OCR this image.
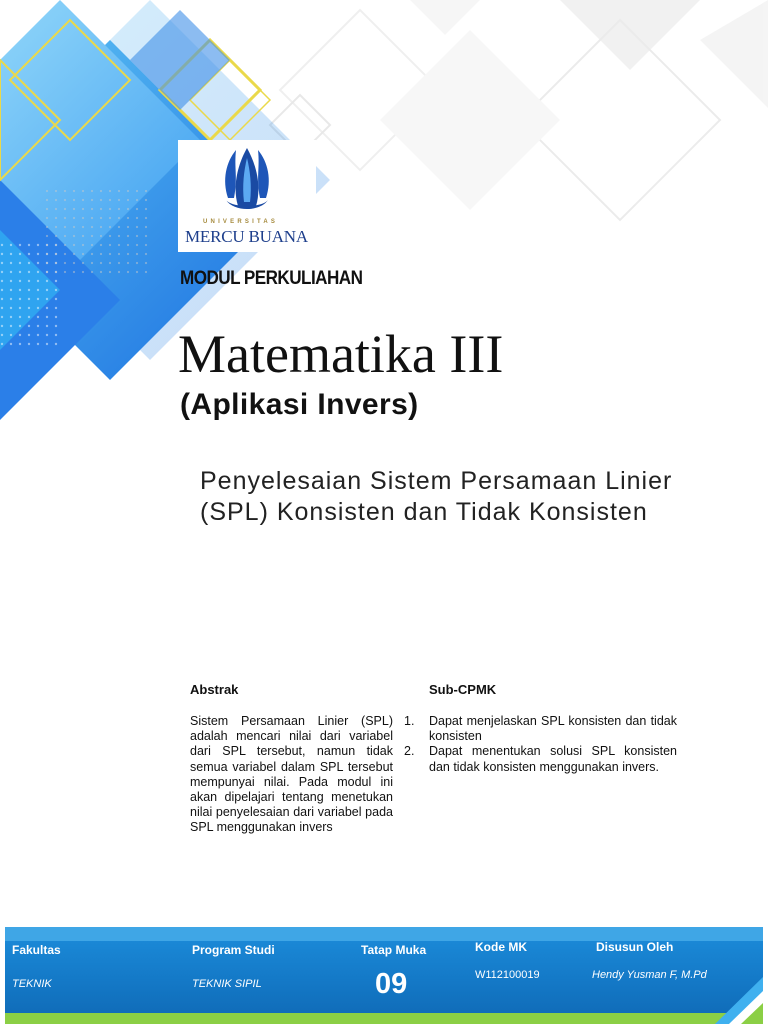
UNIVERSITAS
MERCU BUANA
MODUL PERKULIAHAN
Matematika III
(Aplikasi Invers)
Penyelesaian Sistem Persamaan Linier (SPL) Konsisten dan Tidak Konsisten
Abstrak	Sub-CPMK
Sistem Persamaan Linier (SPL) adalah mencari nilai dari variabel dari SPL tersebut, namun tidak semua variabel dalam SPL tersebut mempunyai nilai. Pada modul ini akan dipelajari tentang menetukan nilai penyelesaian dari variabel pada SPL menggunakan invers
1. Dapat menjelaskan SPL konsisten dan tidak konsisten
2. Dapat menentukan solusi SPL konsisten dan tidak konsisten menggunakan invers.
Fakultas
TEKNIK
Program Studi
TEKNIK SIPIL
Tatap Muka
09
Kode MK
W112100019
Disusun Oleh
Hendy Yusman F, M.Pd
